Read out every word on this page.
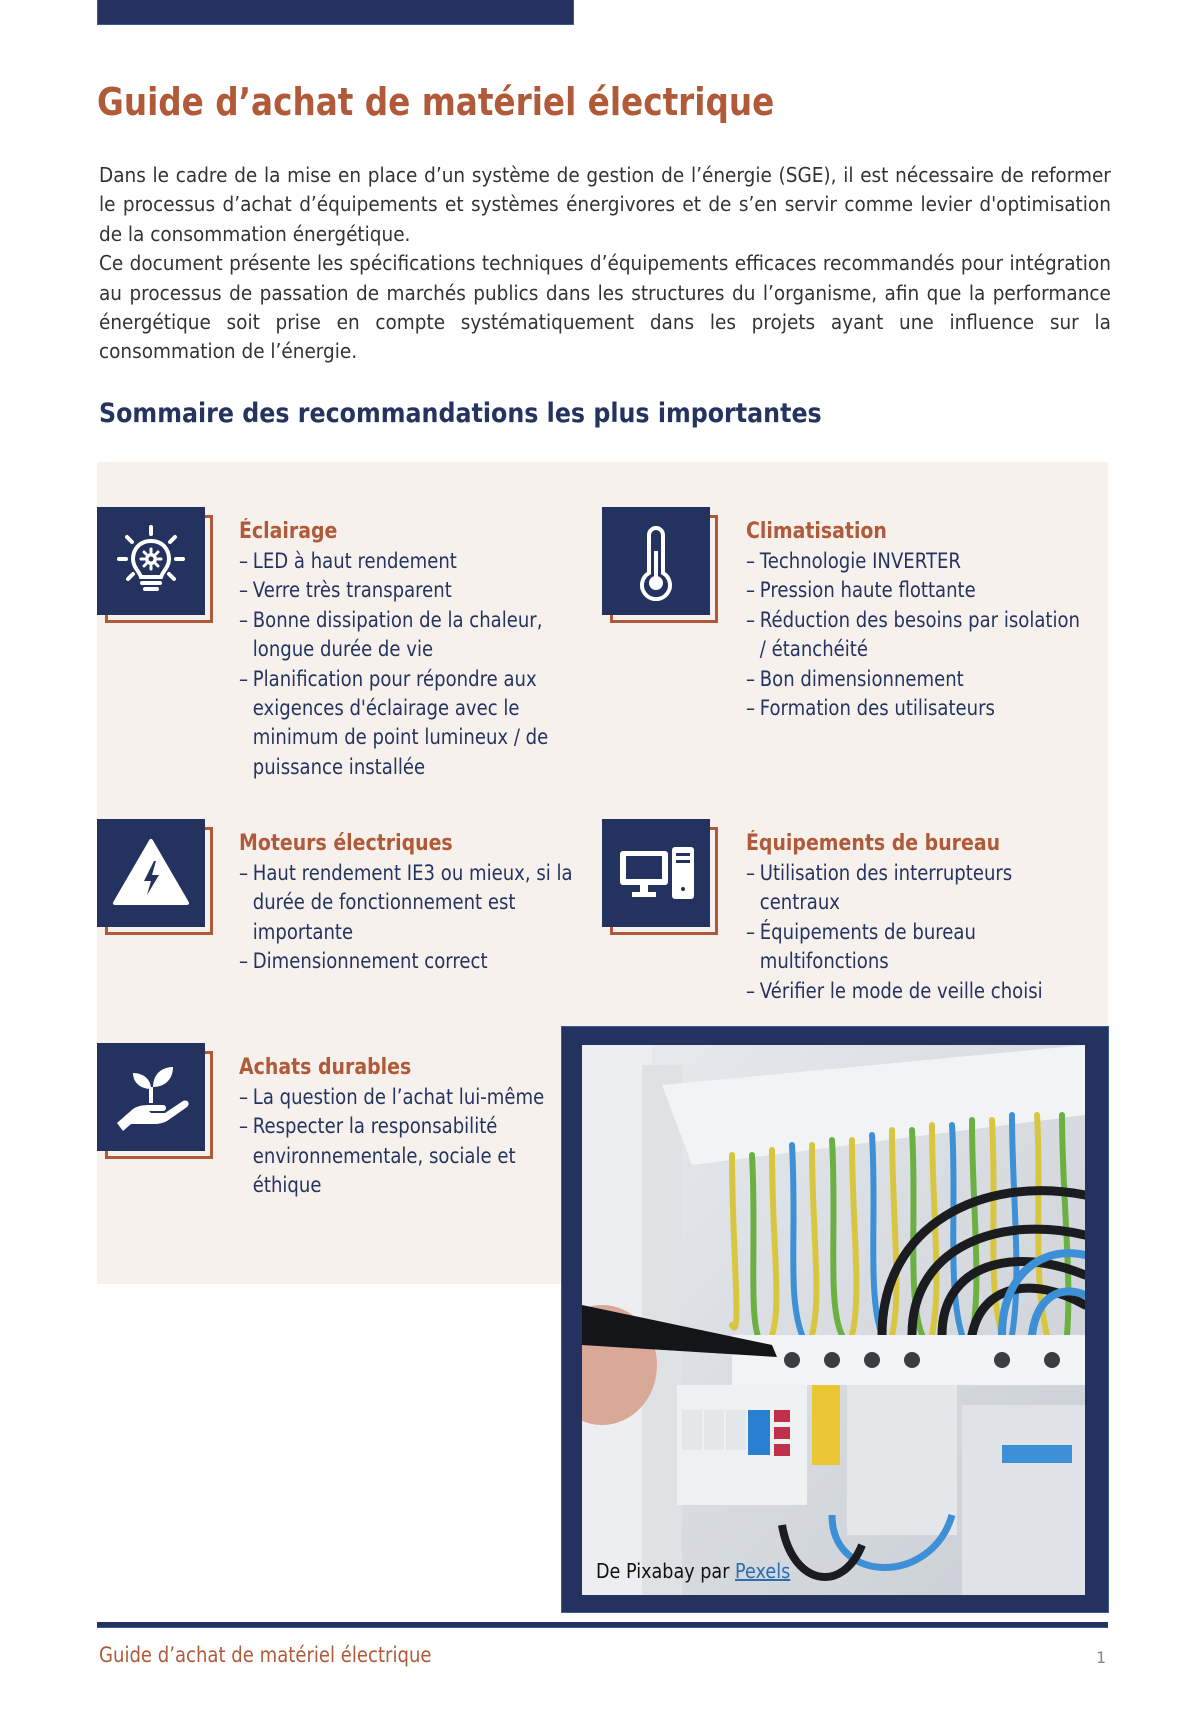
Guide d’achat de matériel électrique

Dans le cadre de la mise en place d’un système de gestion de l’énergie (SGE), il est nécessaire de reformer le processus d’achat d’équipements et systèmes énergivores et de s’en servir comme levier d'optimisation de la consommation énergétique.

Ce document présente les spécifications techniques d’équipements efficaces recommandés pour intégration au processus de passation de marchés publics dans les structures du l’organisme, afin que la performance énergétique soit prise en compte systématiquement dans les projets ayant une influence sur la consommation de l’énergie.

Sommaire des recommandations les plus importantes
Éclairage
– LED à haut rendement
– Verre très transparent
– Bonne dissipation de la chaleur, longue durée de vie
– Planification pour répondre aux exigences d'éclairage avec le minimum de point lumineux / de puissance installée
Climatisation
– Technologie INVERTER
– Pression haute flottante
– Réduction des besoins par isolation / étanchéité
– Bon dimensionnement
– Formation des utilisateurs
Moteurs électriques
– Haut rendement IE3 ou mieux, si la durée de fonctionnement est importante
– Dimensionnement correct
Équipements de bureau
– Utilisation des interrupteurs centraux
– Équipements de bureau multifonctions
– Vérifier le mode de veille choisi
Achats durables
– La question de l’achat lui-même
– Respecter la responsabilité environnementale, sociale et éthique
De Pixabay par Pexels
Guide d’achat de matériel électrique	1
